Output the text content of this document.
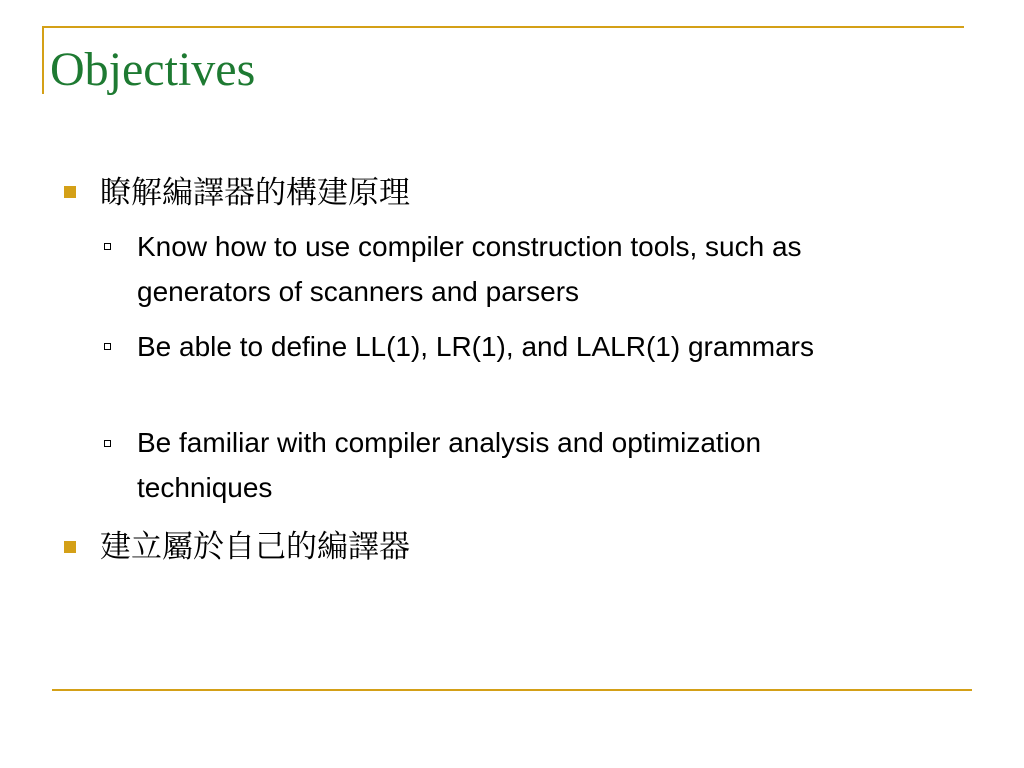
Objectives
瞭解編譯器的構建原理
Know how to use compiler construction tools, such as generators of scanners and parsers
Be able to define LL(1), LR(1), and LALR(1) grammars
Be familiar with compiler analysis and optimization techniques
建立屬於自己的編譯器
